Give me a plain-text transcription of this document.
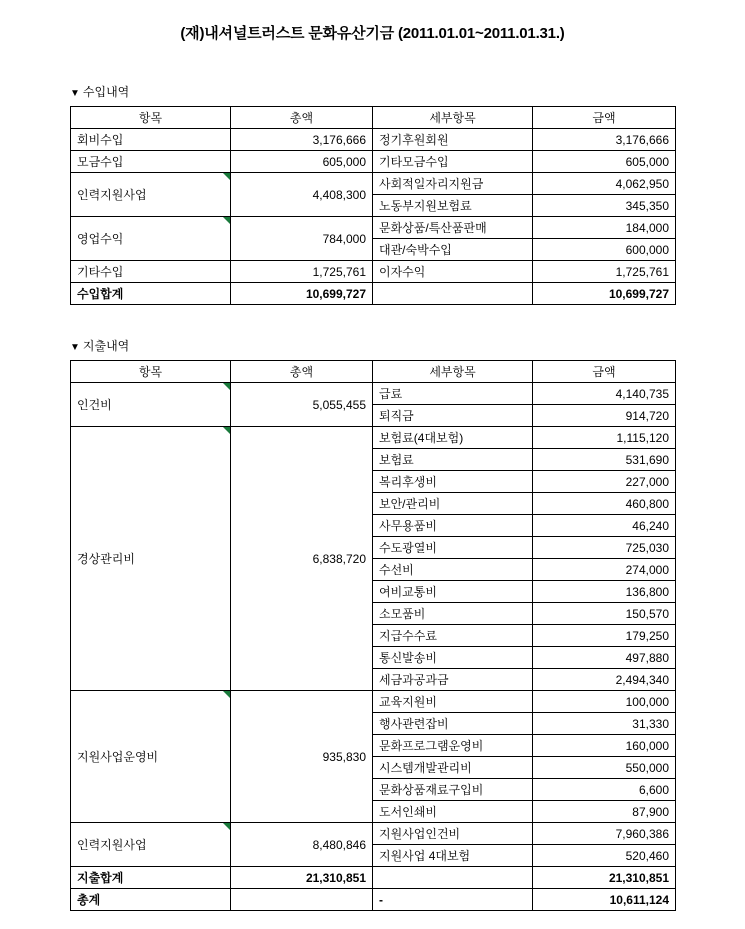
(재)내셔널트러스트 문화유산기금 (2011.01.01~2011.01.31.)
▼ 수입내역
항목	총액	세부항목	금액
회비수입	3,176,666	정기후원회원	3,176,666
모금수입	605,000	기타모금수입	605,000
인력지원사업	4,408,300	사회적일자리지원금	4,062,950
		노동부지원보험료	345,350
영업수익	784,000	문화상품/특산품판매	184,000
		대관/숙박수입	600,000
기타수입	1,725,761	이자수익	1,725,761
수입합계	10,699,727		10,699,727
▼ 지출내역
항목	총액	세부항목	금액
인건비	5,055,455	급료	4,140,735
		퇴직금	914,720
경상관리비	6,838,720	보험료(4대보험)	1,115,120
		보험료	531,690
		복리후생비	227,000
		보안/관리비	460,800
		사무용품비	46,240
		수도광열비	725,030
		수선비	274,000
		여비교통비	136,800
		소모품비	150,570
		지급수수료	179,250
		통신발송비	497,880
		세금과공과금	2,494,340
지원사업운영비	935,830	교육지원비	100,000
		행사관련잡비	31,330
		문화프로그램운영비	160,000
		시스템개발관리비	550,000
		문화상품재료구입비	6,600
		도서인쇄비	87,900
인력지원사업	8,480,846	지원사업인건비	7,960,386
		지원사업 4대보험	520,460
지출합계	21,310,851		21,310,851
총계		-	10,611,124
